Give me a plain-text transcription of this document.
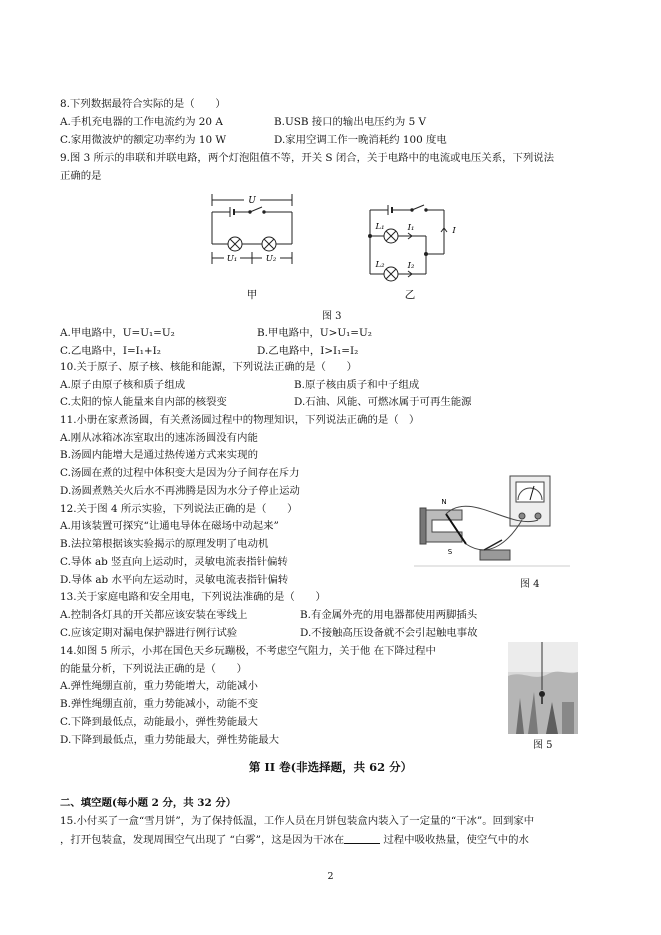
8.下列数据最符合实际的是（　　）
A.手机充电器的工作电流约为 20 A	B.USB 接口的输出电压约为 5 V
C.家用微波炉的额定功率约为 10 W	D.家用空调工作一晚消耗约 100 度电
9.图 3 所示的串联和并联电路，两个灯泡阻值不等，开关 S 闭合，关于电路中的电流或电压关系，下列说法
正确的是
U
U₁	U₂
甲
L₁
L₂
I₁
I₂
I
乙
图 3
A.甲电路中，U=U₁=U₂	B.甲电路中，U>U₁=U₂
C.乙电路中，I=I₁+I₂	D.乙电路中，I>I₁=I₂
10.关于原子、原子核、核能和能源，下列说法正确的是（　　）
A.原子由原子核和质子组成	B.原子核由质子和中子组成
C.太阳的惊人能量来自内部的核裂变	D.石油、风能、可燃冰属于可再生能源
11.小册在家煮汤圆，有关煮汤圆过程中的物理知识，下列说法正确的是（　）
A.刚从冰箱冰冻室取出的速冻汤圆没有内能
B.汤圆内能增大是通过热传递方式来实现的
C.汤圆在煮的过程中体积变大是因为分子间存在斥力
D.汤圆煮熟关火后水不再沸腾是因为水分子停止运动
12.关于图 4 所示实验，下列说法正确的是（　　）
A.用该装置可探究“让通电导体在磁场中动起来”
B.法拉第根据该实验揭示的原理发明了电动机
C.导体 ab 竖直向上运动时，灵敏电流表指针偏转
D.导体 ab 水平向左运动时，灵敏电流表指针偏转
N
S
图 4
13.关于家庭电路和安全用电，下列说法准确的是（　　）
A.控制各灯具的开关都应该安装在零线上	B.有金属外壳的用电器都使用两脚插头
C.应该定期对漏电保护器进行例行试验	D.不接触高压设备就不会引起触电事故
14.如图 5 所示，小邦在国色天乡玩蹦极，不考虑空气阻力，关于他 在下降过程中
的能量分析，下列说法正确的是（　　）
A.弹性绳绷直前，重力势能增大，动能减小
B.弹性绳绷直前，重力势能减小，动能不变
C.下降到最低点，动能最小，弹性势能最大
D.下降到最低点，重力势能最大，弹性势能最大	图 5
第 II 卷(非选择题，共 62 分）
二、填空题(每小题 2 分，共 32 分）
15.小付买了一盒“雪月饼”，为了保持低温，工作人员在月饼包装盒内装入了一定量的“干冰”。回到家中
，打开包装盒，发现周围空气出现了 “白雾”，这是因为干冰在	过程中吸收热量，使空气中的水
2
